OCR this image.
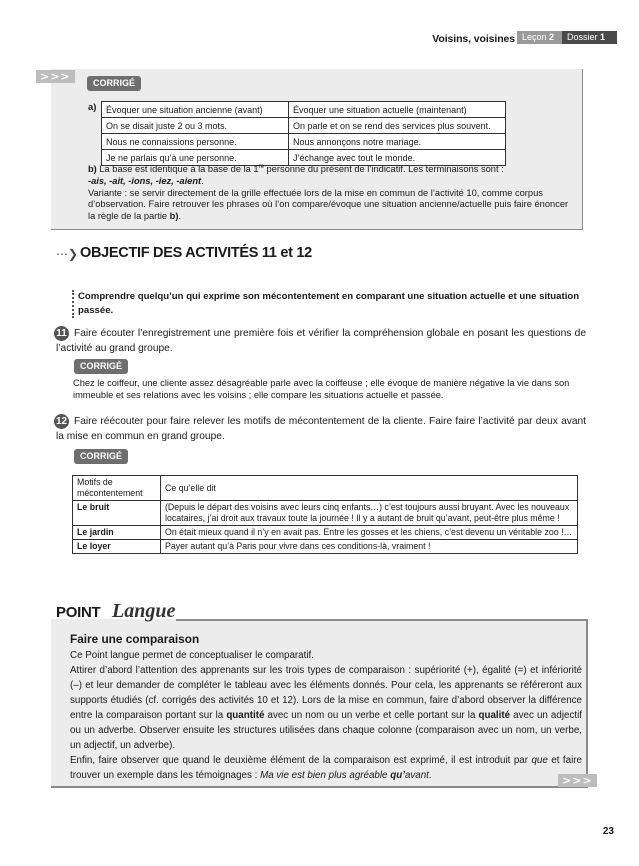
Voisins, voisines Leçon 2	Dossier 1
>>>	CORRIGÉ
a) Évoquer une situation ancienne (avant)	Évoquer une situation actuelle (maintenant)
On se disait juste 2 ou 3 mots.	On parle et on se rend des services plus souvent.
Nous ne connaissions personne.	Nous annonçons notre mariage.
Je ne parlais qu’à une personne.	J’échange avec tout le monde.
b) La base est identique à la base de la 1re personne du présent de l’indicatif. Les terminaisons sont :
-ais, -ait, -ions, -iez, -aient.
Variante : se servir directement de la grille effectuée lors de la mise en commun de l’activité 10, comme corpus d’observation. Faire retrouver les phrases où l’on compare/évoque une situation ancienne/actuelle puis faire énoncer la règle de la partie b).
⋯❯ OBJECTIF DES ACTIVITÉS 11 et 12
Comprendre quelqu’un qui exprime son mécontentement en comparant une situation actuelle et une situation passée.
11 Faire écouter l’enregistrement une première fois et vérifier la compréhension globale en posant les questions de l’activité au grand groupe.
CORRIGÉ
Chez le coiffeur, une cliente assez désagréable parle avec la coiffeuse ; elle évoque de manière négative la vie dans son immeuble et ses relations avec les voisins ; elle compare les situations actuelle et passée.
12 Faire réécouter pour faire relever les motifs de mécontentement de la cliente. Faire faire l’activité par deux avant la mise en commun en grand groupe.
CORRIGÉ
Motifs de mécontentement	Ce qu’elle dit
Le bruit	(Depuis le départ des voisins avec leurs cinq enfants…) c’est toujours aussi bruyant. Avec les nouveaux locataires, j’ai droit aux travaux toute la journée ! Il y a autant de bruit qu’avant, peut-être plus même !
Le jardin	On était mieux quand il n’y en avait pas. Entre les gosses et les chiens, c’est devenu un véritable zoo !…
Le loyer	Payer autant qu’à Paris pour vivre dans ces conditions-là, vraiment !
POINT Langue
Faire une comparaison
Ce Point langue permet de conceptualiser le comparatif.
Attirer d’abord l’attention des apprenants sur les trois types de comparaison : supériorité (+), égalité (=) et infériorité (–) et leur demander de compléter le tableau avec les éléments donnés. Pour cela, les apprenants se référeront aux supports étudiés (cf. corrigés des activités 10 et 12). Lors de la mise en commun, faire d’abord observer la différence entre la comparaison portant sur la quantité avec un nom ou un verbe et celle portant sur la qualité avec un adjectif ou un adverbe. Observer ensuite les structures utilisées dans chaque colonne (comparaison avec un nom, un verbe, un adjectif, un adverbe).
Enfin, faire observer que quand le deuxième élément de la comparaison est exprimé, il est introduit par que et faire trouver un exemple dans les témoignages : Ma vie est bien plus agréable qu’avant.	>>>
23
